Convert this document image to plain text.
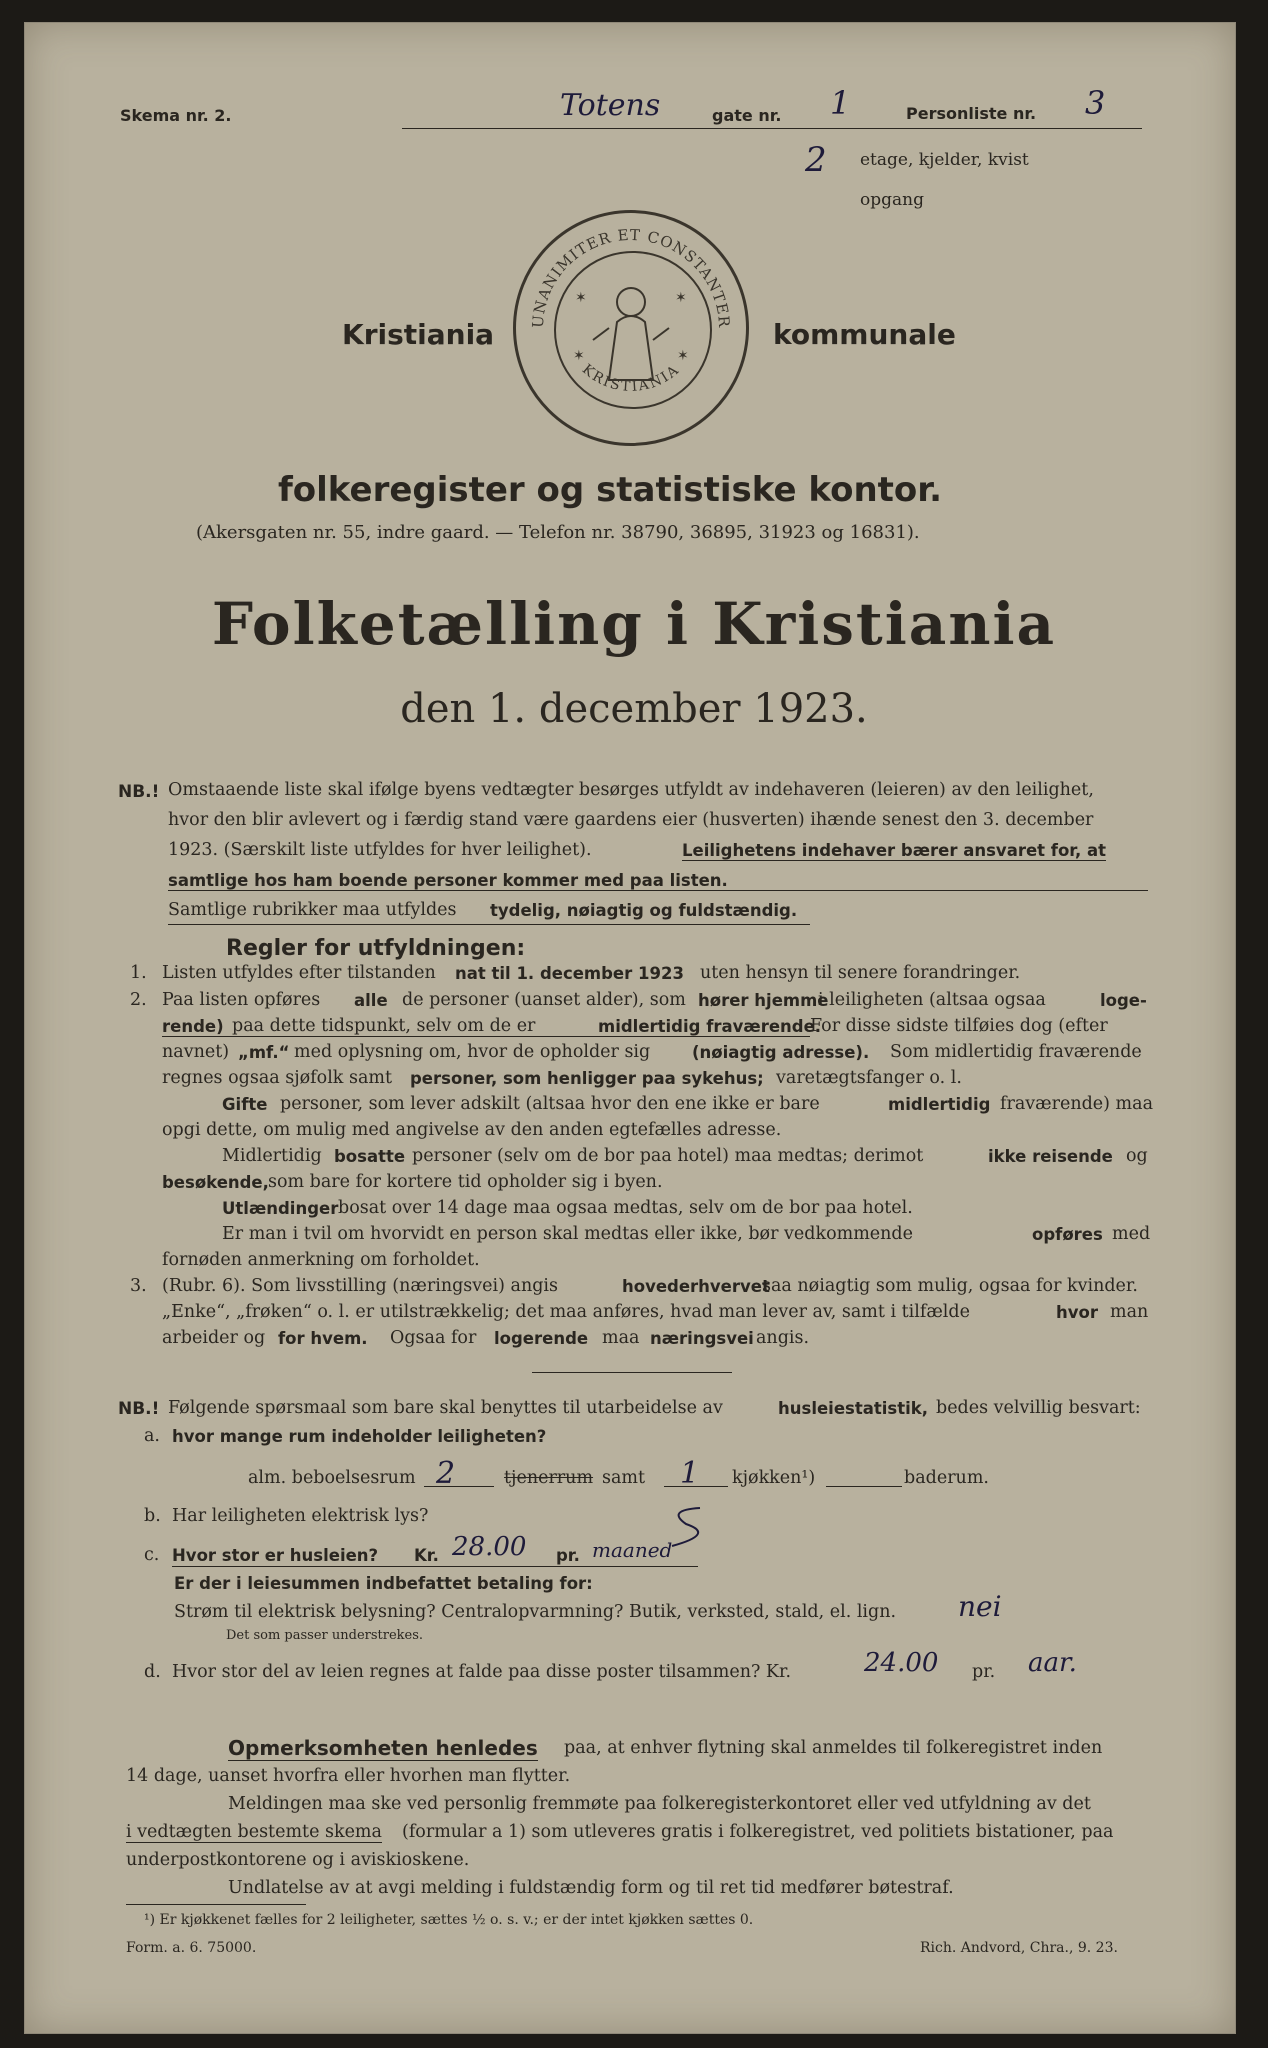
Skema nr. 2.	Totens	gate nr. 1	Personliste nr. 3
2 etage, kjelder, kvist
opgang
Kristiania UNANIMITER ET CONSTANTER
KRISTIANIA
✶	✶
✶	✶
kommunale
folkeregister og statistiske kontor.
(Akersgaten nr. 55, indre gaard. — Telefon nr. 38790, 36895, 31923 og 16831).
Folketælling i Kristiania
den 1. december 1923.
NB.! Omstaaende liste skal ifølge byens vedtægter besørges utfyldt av indehaveren (leieren) av den leilighet,
hvor den blir avlevert og i færdig stand være gaardens eier (husverten) ihænde senest den 3. december
1923. (Særskilt liste utfyldes for hver leilighet).	Leilighetens indehaver bærer ansvaret for, at
samtlige hos ham boende personer kommer med paa listen.
Samtlige rubrikker maa utfyldes tydelig, nøiagtig og fuldstændig.
Regler for utfyldningen:
1. Listen utfyldes efter tilstanden nat til 1. december 1923 uten hensyn til senere forandringer.
2. Paa listen opføres alle de personer (uanset alder), som hører hjemme
i leiligheten (altsaa ogsaa	loge-
rende) paa dette tidspunkt, selv om de er	midlertidig fraværende.
For disse sidste tilføies dog (efter
navnet) „mf.“ med oplysning om, hvor de opholder sig	(nøiagtig adresse). Som midlertidig fraværende
regnes ogsaa sjøfolk samt personer, som henligger paa sykehus; varetægtsfanger o. l.
Gifte personer, som lever adskilt (altsaa hvor den ene ikke er bare	midlertidig fraværende) maa
opgi dette, om mulig med angivelse av den anden egtefælles adresse.
Midlertidig bosatte personer (selv om de bor paa hotel) maa medtas; derimot	ikke reisende og
besøkende, som bare for kortere tid opholder sig i byen.
Utlændinger bosat over 14 dage maa ogsaa medtas, selv om de bor paa hotel.
Er man i tvil om hvorvidt en person skal medtas eller ikke, bør vedkommende	opføres med
fornøden anmerkning om forholdet.
3. (Rubr. 6). Som livsstilling (næringsvei) angis	hovederhvervet
saa nøiagtig som mulig, ogsaa for kvinder.
„Enke“, „frøken“ o. l. er utilstrækkelig; det maa anføres, hvad man lever av, samt i tilfælde	hvor man
arbeider og for hvem. Ogsaa for logerende maa næringsvei angis.
NB.! Følgende spørsmaal som bare skal benyttes til utarbeidelse av	husleiestatistik, bedes velvillig besvart:
a. hvor mange rum indeholder leiligheten?
alm. beboelsesrum 2	tjenerrum samt 1 kjøkken¹)	baderum.
b. Har leiligheten elektrisk lys?
c. Hvor stor er husleien? Kr. 28.00 pr. maaned
Er der i leiesummen indbefattet betaling for:
Strøm til elektrisk belysning? Centralopvarmning? Butik, verksted, stald, el. lign. nei
Det som passer understrekes.
d. Hvor stor del av leien regnes at falde paa disse poster tilsammen? Kr.	24.00 pr. aar.
Opmerksomheten henledes paa, at enhver flytning skal anmeldes til folkeregistret inden
14 dage, uanset hvorfra eller hvorhen man flytter.
Meldingen maa ske ved personlig fremmøte paa folkeregisterkontoret eller ved utfyldning av det
i vedtægten bestemte skema (formular a 1) som utleveres gratis i folkeregistret, ved politiets bistationer, paa
underpostkontorene og i aviskioskene.
Undlatelse av at avgi melding i fuldstændig form og til ret tid medfører bøtestraf.
¹) Er kjøkkenet fælles for 2 leiligheter, sættes ½ o. s. v.; er der intet kjøkken sættes 0.
Form. a. 6. 75000.	Rich. Andvord, Chra., 9. 23.
